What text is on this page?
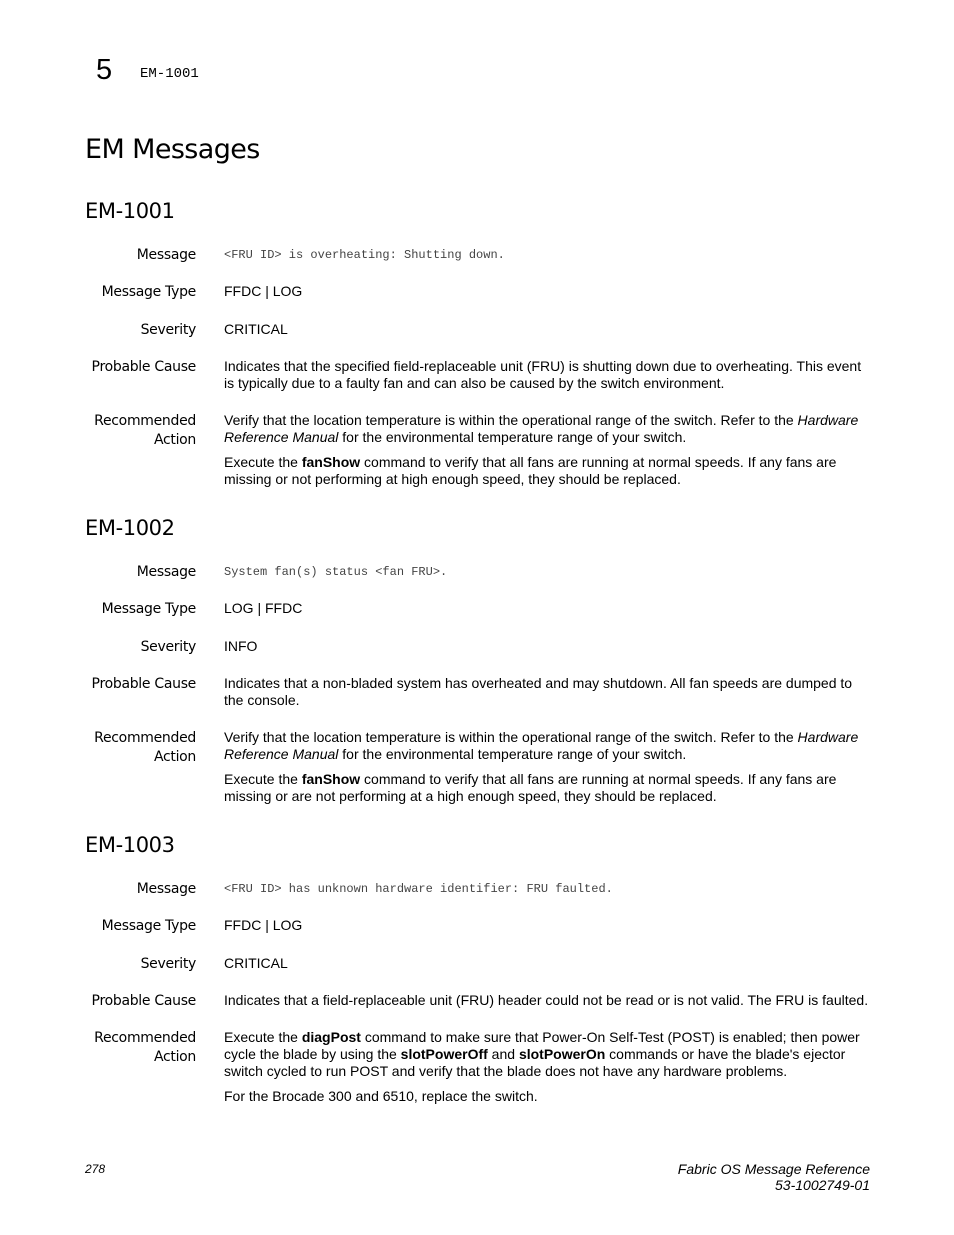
5 EM-1001
EM Messages
EM-1001
Message <FRU ID> is overheating: Shutting down.
Message Type FFDC | LOG
Severity CRITICAL
Probable Cause Indicates that the specified field-replaceable unit (FRU) is shutting down due to overheating. This event is typically due to a faulty fan and can also be caused by the switch environment.
Recommended
Action

Verify that the location temperature is within the operational range of the switch. Refer to the Hardware Reference Manual for the environmental temperature range of your switch.

Execute the fanShow command to verify that all fans are running at normal speeds. If any fans are missing or not performing at high enough speed, they should be replaced.

EM-1002
Message System fan(s) status <fan FRU>.
Message Type LOG | FFDC
Severity INFO
Probable Cause Indicates that a non-bladed system has overheated and may shutdown. All fan speeds are dumped to the console.
Recommended
Action

Verify that the location temperature is within the operational range of the switch. Refer to the Hardware Reference Manual for the environmental temperature range of your switch.

Execute the fanShow command to verify that all fans are running at normal speeds. If any fans are missing or are not performing at a high enough speed, they should be replaced.

EM-1003
Message <FRU ID> has unknown hardware identifier: FRU faulted.
Message Type FFDC | LOG
Severity CRITICAL
Probable Cause Indicates that a field-replaceable unit (FRU) header could not be read or is not valid. The FRU is faulted.
Recommended
Action

Execute the diagPost command to make sure that Power-On Self-Test (POST) is enabled; then power cycle the blade by using the slotPowerOff and slotPowerOn commands or have the blade's ejector switch cycled to run POST and verify that the blade does not have any hardware problems.

For the Brocade 300 and 6510, replace the switch.

278	Fabric OS Message Reference
53-1002749-01
